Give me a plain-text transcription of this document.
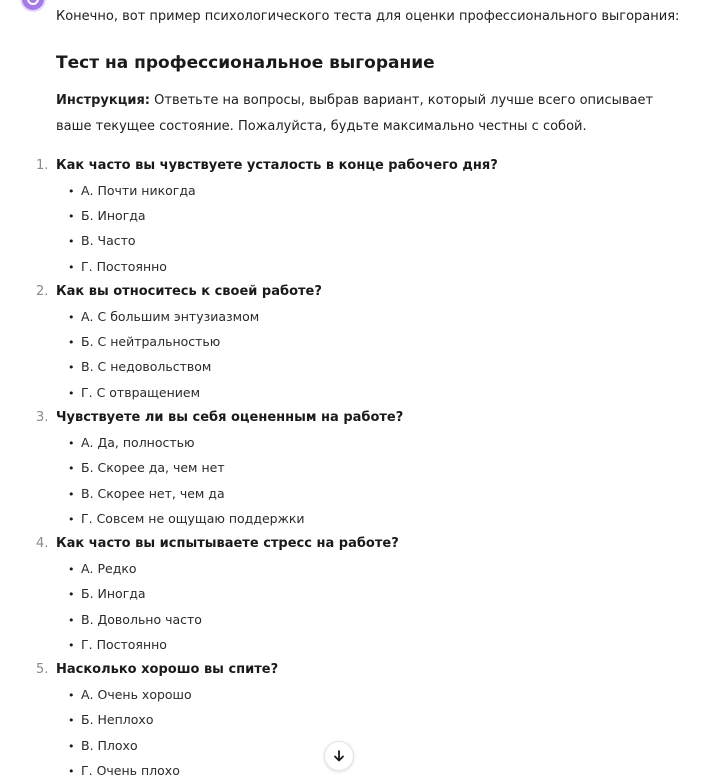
Конечно, вот пример психологического теста для оценки профессионального выгорания:
Тест на профессиональное выгорание
Инструкция: Ответьте на вопросы, выбрав вариант, который лучше всего описывает ваше текущее состояние. Пожалуйста, будьте максимально честны с собой.
1. Как часто вы чувствуете усталость в конце рабочего дня?
• А. Почти никогда
• Б. Иногда
• В. Часто
• Г. Постоянно
2. Как вы относитесь к своей работе?
• А. С большим энтузиазмом
• Б. С нейтральностью
• В. С недовольством
• Г. С отвращением
3. Чувствуете ли вы себя оцененным на работе?
• А. Да, полностью
• Б. Скорее да, чем нет
• В. Скорее нет, чем да
• Г. Совсем не ощущаю поддержки
4. Как часто вы испытываете стресс на работе?
• А. Редко
• Б. Иногда
• В. Довольно часто
• Г. Постоянно
5. Насколько хорошо вы спите?
• А. Очень хорошо
• Б. Неплохо
• В. Плохо
• Г. Очень плохо
